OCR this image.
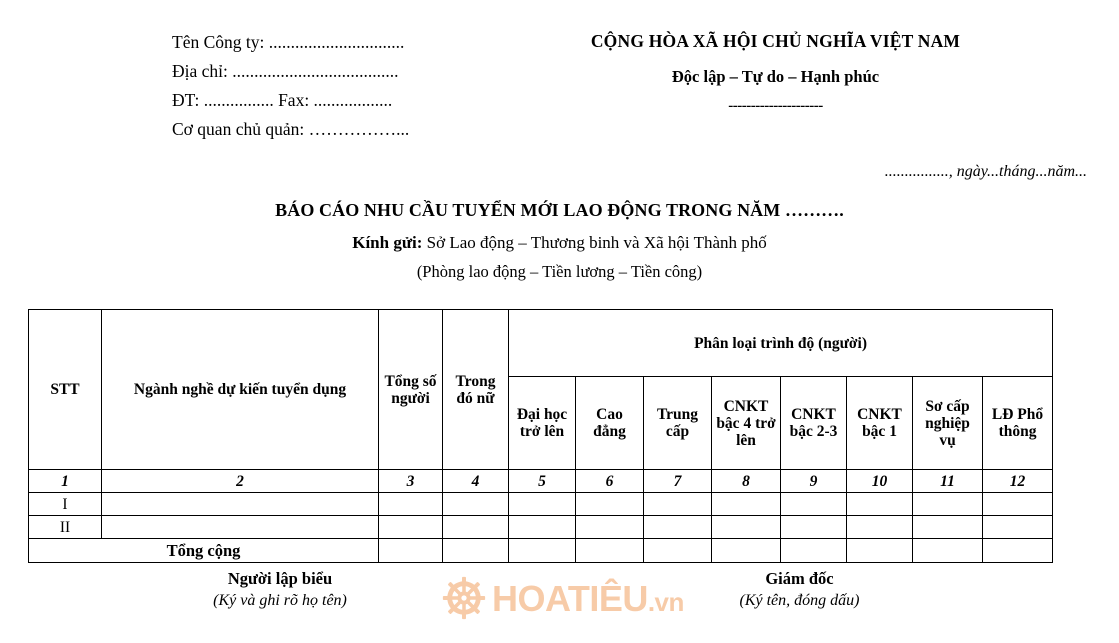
Tên Công ty: ...............................
Địa chỉ: ......................................
ĐT: ................ Fax: ..................
Cơ quan chủ quản: ……………...
CỘNG HÒA XÃ HỘI CHỦ NGHĨA VIỆT NAM
Độc lập – Tự do – Hạnh phúc
---------------------
................, ngày...tháng...năm...
BÁO CÁO NHU CẦU TUYỂN MỚI LAO ĐỘNG TRONG NĂM ……….
Kính gửi: Sở Lao động – Thương binh và Xã hội Thành phố
(Phòng lao động – Tiền lương – Tiền công)
STT	Ngành nghề dự kiến tuyển dụng	Tổng số người	Trong đó nữ	Phân loại trình độ (người)							
				Đại học trở lên	Cao đẳng	Trung cấp	CNKT bậc 4 trở lên	CNKT bậc 2-3	CNKT bậc 1	Sơ cấp nghiệp vụ	LĐ Phổ thông
1	2	3	4	5	6	7	8	9	10	11	12
I											
II											
Tổng cộng											
Người lập biểu
(Ký và ghi rõ họ tên)
Giám đốc
(Ký tên, đóng dấu)
HOATIÊU.vn
